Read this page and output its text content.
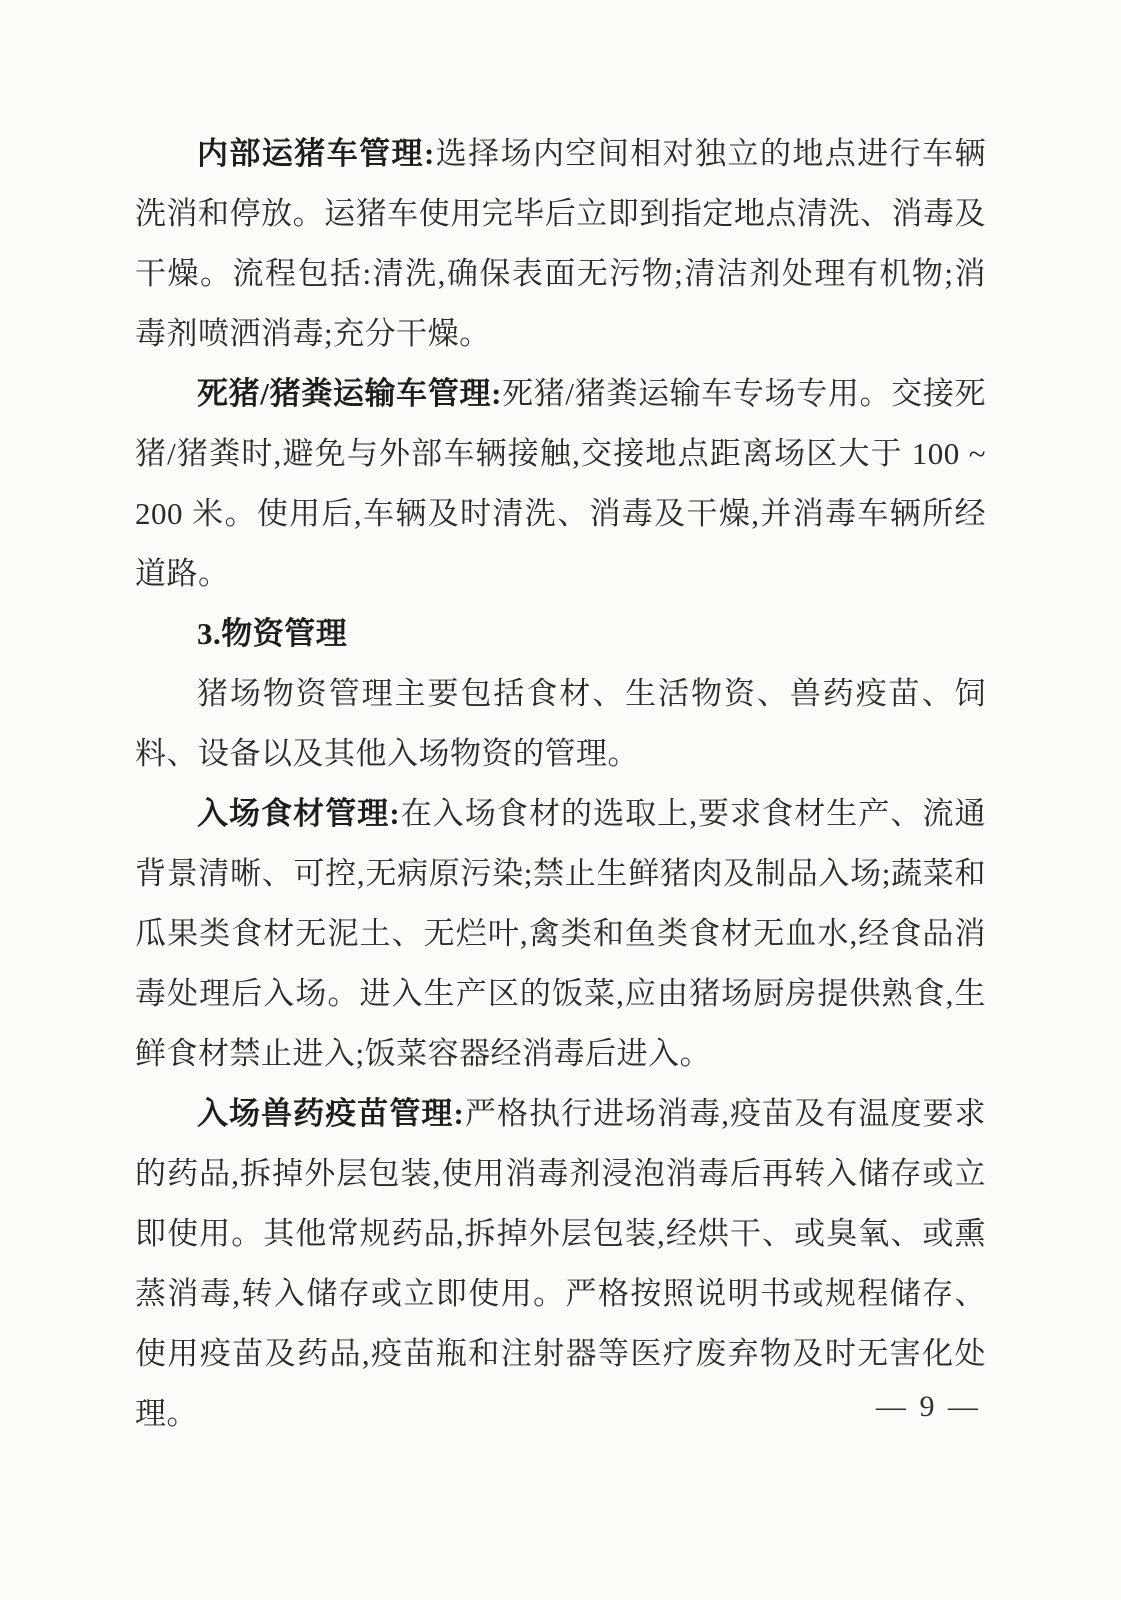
内部运猪车管理:选择场内空间相对独立的地点进行车辆洗消和停放。运猪车使用完毕后立即到指定地点清洗、消毒及干燥。流程包括:清洗,确保表面无污物;清洁剂处理有机物;消毒剂喷洒消毒;充分干燥。

死猪/猪粪运输车管理:死猪/猪粪运输车专场专用。交接死猪/猪粪时,避免与外部车辆接触,交接地点距离场区大于 100 ~ 200 米。使用后,车辆及时清洗、消毒及干燥,并消毒车辆所经道路。

3.物资管理

猪场物资管理主要包括食材、生活物资、兽药疫苗、饲料、设备以及其他入场物资的管理。

入场食材管理:在入场食材的选取上,要求食材生产、流通背景清晰、可控,无病原污染;禁止生鲜猪肉及制品入场;蔬菜和瓜果类食材无泥土、无烂叶,禽类和鱼类食材无血水,经食品消毒处理后入场。进入生产区的饭菜,应由猪场厨房提供熟食,生鲜食材禁止进入;饭菜容器经消毒后进入。

入场兽药疫苗管理:严格执行进场消毒,疫苗及有温度要求的药品,拆掉外层包装,使用消毒剂浸泡消毒后再转入储存或立即使用。其他常规药品,拆掉外层包装,经烘干、或臭氧、或熏蒸消毒,转入储存或立即使用。严格按照说明书或规程储存、使用疫苗及药品,疫苗瓶和注射器等医疗废弃物及时无害化处理。	— 9 —
